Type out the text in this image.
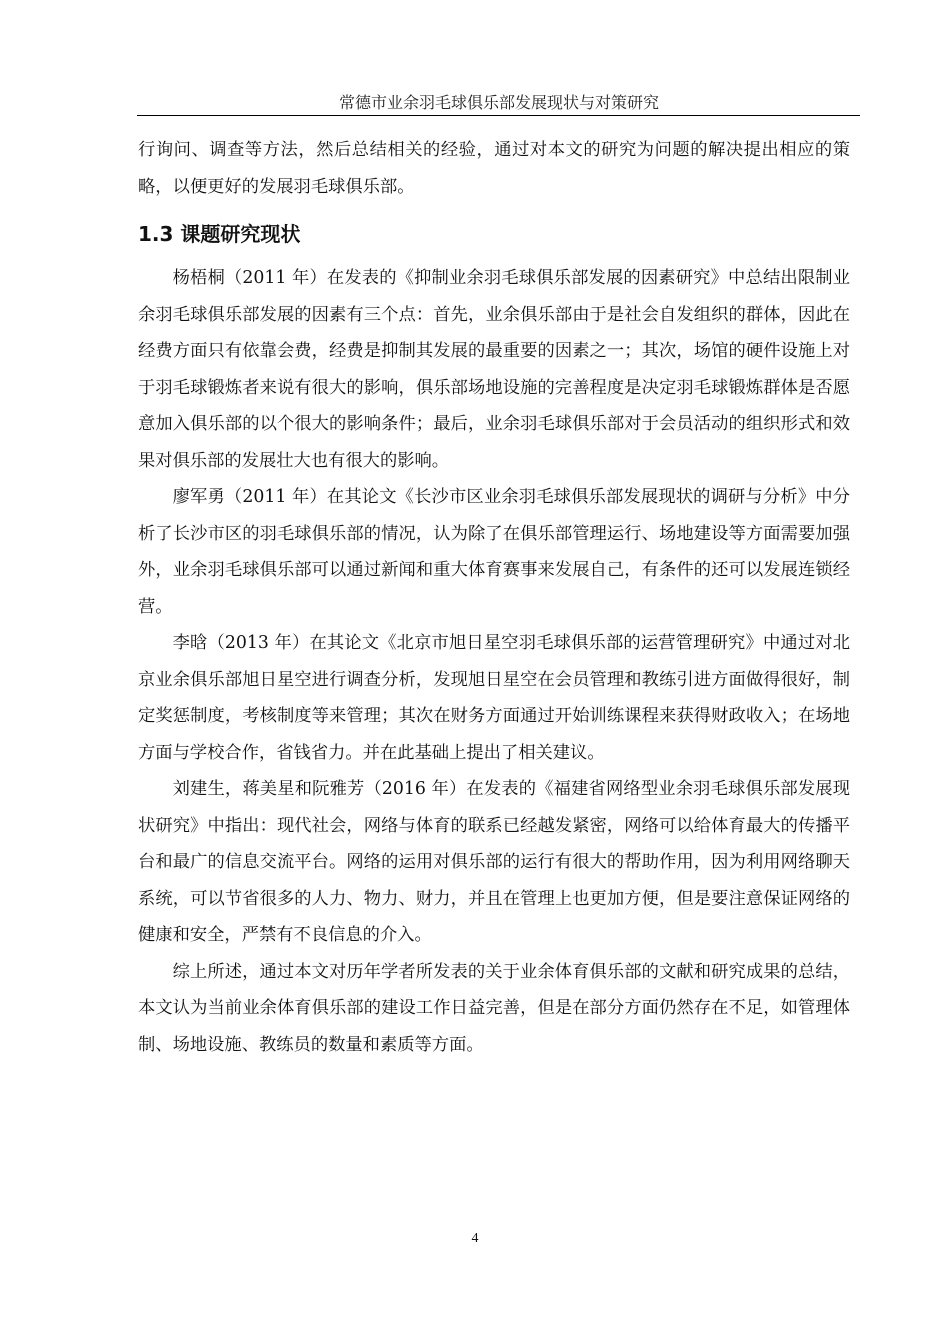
常德市业余羽毛球俱乐部发展现状与对策研究

行询问、调查等方法，然后总结相关的经验，通过对本文的研究为问题的解决提出相应的策略，以便更好的发展羽毛球俱乐部。

1.3 课题研究现状

杨梧桐（2011 年）在发表的《抑制业余羽毛球俱乐部发展的因素研究》中总结出限制业余羽毛球俱乐部发展的因素有三个点：首先，业余俱乐部由于是社会自发组织的群体，因此在经费方面只有依靠会费，经费是抑制其发展的最重要的因素之一；其次，场馆的硬件设施上对于羽毛球锻炼者来说有很大的影响，俱乐部场地设施的完善程度是决定羽毛球锻炼群体是否愿意加入俱乐部的以个很大的影响条件；最后，业余羽毛球俱乐部对于会员活动的组织形式和效果对俱乐部的发展壮大也有很大的影响。

廖军勇（2011 年）在其论文《长沙市区业余羽毛球俱乐部发展现状的调研与分析》中分析了长沙市区的羽毛球俱乐部的情况，认为除了在俱乐部管理运行、场地建设等方面需要加强外，业余羽毛球俱乐部可以通过新闻和重大体育赛事来发展自己，有条件的还可以发展连锁经营。

李晗（2013 年）在其论文《北京市旭日星空羽毛球俱乐部的运营管理研究》中通过对北京业余俱乐部旭日星空进行调查分析，发现旭日星空在会员管理和教练引进方面做得很好，制定奖惩制度，考核制度等来管理；其次在财务方面通过开始训练课程来获得财政收入；在场地方面与学校合作，省钱省力。并在此基础上提出了相关建议。

刘建生，蒋美星和阮雅芳（2016 年）在发表的《福建省网络型业余羽毛球俱乐部发展现状研究》中指出：现代社会，网络与体育的联系已经越发紧密，网络可以给体育最大的传播平台和最广的信息交流平台。网络的运用对俱乐部的运行有很大的帮助作用，因为利用网络聊天系统，可以节省很多的人力、物力、财力，并且在管理上也更加方便，但是要注意保证网络的健康和安全，严禁有不良信息的介入。

综上所述，通过本文对历年学者所发表的关于业余体育俱乐部的文献和研究成果的总结，本文认为当前业余体育俱乐部的建设工作日益完善，但是在部分方面仍然存在不足，如管理体制、场地设施、教练员的数量和素质等方面。

4
